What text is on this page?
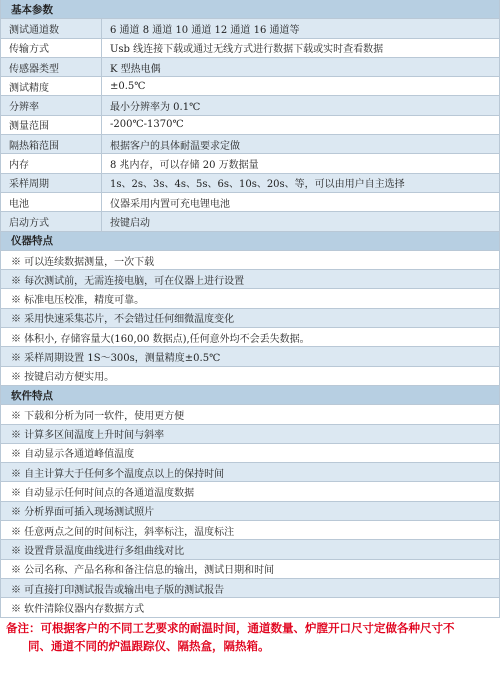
基本参数
测试通道数	6 通道 8 通道 10 通道 12 通道 16 通道等
传输方式	Usb 线连接下载或通过无线方式进行数据下载或实时查看数据
传感器类型	K 型热电偶
测试精度	±0.5℃
分辨率	最小分辨率为 0.1℃
测量范围	-200℃-1370℃
隔热箱范围	根据客户的具体耐温要求定做
内存	8 兆内存，可以存储 20 万数据量
采样周期	1s、2s、3s、4s、5s、6s、10s、20s、等，可以由用户自主选择
电池	仪器采用内置可充电锂电池
启动方式	按键启动
仪器特点
※ 可以连续数据测量，一次下载
※ 每次测试前，无需连接电脑，可在仪器上进行设置
※ 标准电压校准，精度可靠。
※ 采用快速采集芯片，不会错过任何细微温度变化
※ 体积小, 存储容量大(160,00 数据点),任何意外均不会丢失数据。
※ 采样周期设置 1S～300s，测量精度±0.5℃
※ 按键启动方便实用。
软件特点
※ 下载和分析为同一软件，使用更方便
※ 计算多区间温度上升时间与斜率
※ 自动显示各通道峰值温度
※ 自主计算大于任何多个温度点以上的保持时间
※ 自动显示任何时间点的各通道温度数据
※ 分析界面可插入现场测试照片
※ 任意两点之间的时间标注，斜率标注，温度标注
※ 设置背景温度曲线进行多组曲线对比
※ 公司名称、产品名称和备注信息的输出，测试日期和时间
※ 可直接打印测试报告或输出电子版的测试报告
※ 软件清除仪器内存数据方式
备注：可根据客户的不同工艺要求的耐温时间，通道数量、炉膛开口尺寸定做各种尺寸不
同、通道不同的炉温跟踪仪、隔热盒，隔热箱。
